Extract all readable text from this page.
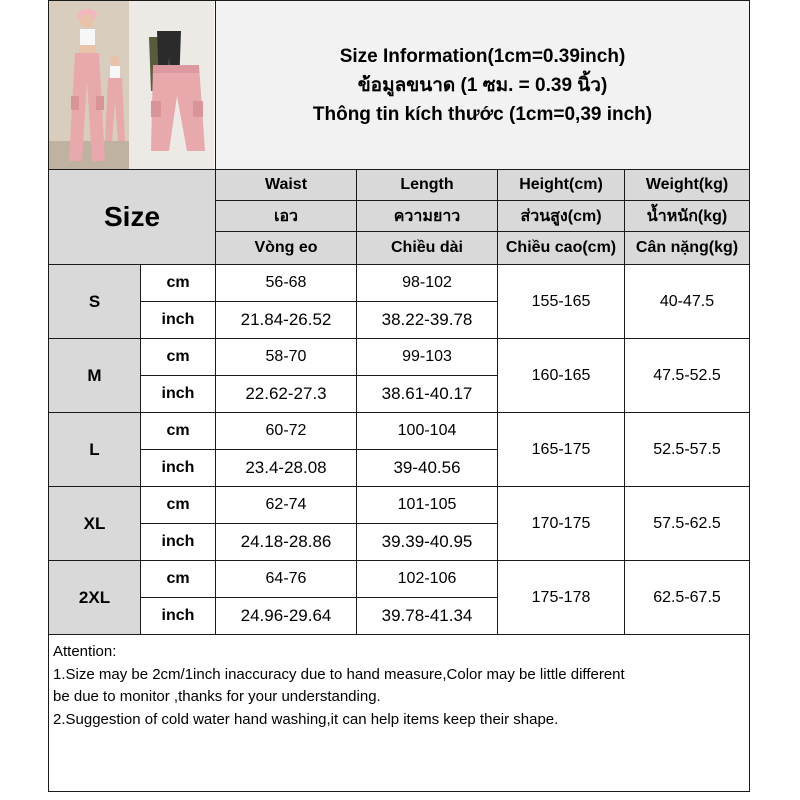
Size Information(1cm=0.39inch)
ข้อมูลขนาด (1 ซม. = 0.39 นิ้ว)
Thông tin kích thước (1cm=0,39 inch)			

Size		Waist	Length	Height(cm)	Weight(kg)
		เอว	ความยาว	ส่วนสูง(cm)	น้ำหนัก(kg)
		Vòng eo	Chiều dài	Chiều cao(cm)	Cân nặng(kg)
S	cm	56-68	98-102	155-165	40-47.5
	inch	21.84-26.52	38.22-39.78		
M	cm	58-70	99-103	160-165	47.5-52.5
	inch	22.62-27.3	38.61-40.17		
L	cm	60-72	100-104	165-175	52.5-57.5
	inch	23.4-28.08	39-40.56		
XL	cm	62-74	101-105	170-175	57.5-62.5
	inch	24.18-28.86	39.39-40.95		
2XL	cm	64-76	102-106	175-178	62.5-67.5
	inch	24.96-29.64	39.78-41.34		

Attention:
1.Size may be 2cm/1inch inaccuracy due to hand measure,Color may be little different
be due to monitor ,thanks for your understanding.
2.Suggestion of cold water hand washing,it can help items keep their shape.					
